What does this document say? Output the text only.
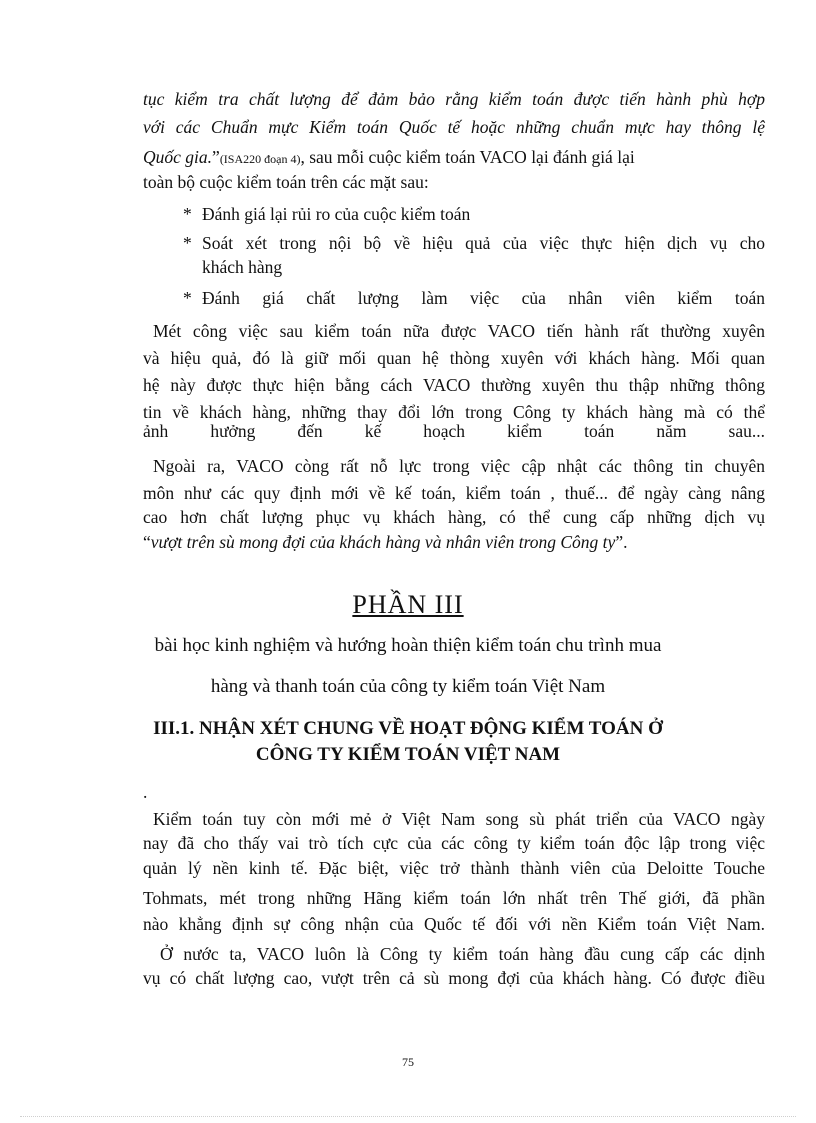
tục kiểm tra chất lượng để đảm bảo rằng kiểm toán được tiến hành phù hợp
với các Chuẩn mực Kiểm toán Quốc tế hoặc những chuẩn mực hay thông lệ
Quốc gia.”(ISA220 đoạn 4), sau mỗi cuộc kiểm toán VACO lại đánh giá lại
toàn bộ cuộc kiểm toán trên các mặt sau:
* Đánh giá lại rủi ro của cuộc kiểm toán
* Soát xét trong nội bộ về hiệu quả của việc thực hiện dịch vụ cho
khách hàng
* Đánh giá chất lượng làm việc của nhân viên kiểm toán
Mét công việc sau kiểm toán nữa được VACO tiến hành rất thường xuyên
và hiệu quả, đó là giữ mối quan hệ thòng xuyên với khách hàng. Mối quan
hệ này được thực hiện bằng cách VACO thường xuyên thu thập những thông
tin về khách hàng, những thay đổi lớn trong Công ty khách hàng mà có thể
ảnh hưởng đến kế hoạch kiểm toán năm sau...
Ngoài ra, VACO còng rất nỗ lực trong việc cập nhật các thông tin chuyên
môn như các quy định mới về kế toán, kiểm toán , thuế... để ngày càng nâng
cao hơn chất lượng phục vụ khách hàng, có thể cung cấp những dịch vụ
“vượt trên sù mong đợi của khách hàng và nhân viên trong Công ty”.
PHẦN III
bài học kinh nghiệm và hướng hoàn thiện kiểm toán chu trình mua
hàng và thanh toán của công ty kiểm toán Việt Nam
III.1. NHẬN XÉT CHUNG VỀ HOẠT ĐỘNG KIỂM TOÁN Ở
CÔNG TY KIỂM TOÁN VIỆT NAM
.
Kiểm toán tuy còn mới mẻ ở Việt Nam song sù phát triển của VACO ngày
nay đã cho thấy vai trò tích cực của các công ty kiểm toán độc lập trong việc
quản lý nền kinh tế. Đặc biệt, việc trở thành thành viên của Deloitte Touche
Tohmats, mét trong những Hãng kiểm toán lớn nhất trên Thế giới, đã phần
nào khẳng định sự công nhận của Quốc tế đối với nền Kiểm toán Việt Nam.
Ở nước ta, VACO luôn là Công ty kiểm toán hàng đầu cung cấp các dịnh
vụ có chất lượng cao, vượt trên cả sù mong đợi của khách hàng. Có được điều
75
